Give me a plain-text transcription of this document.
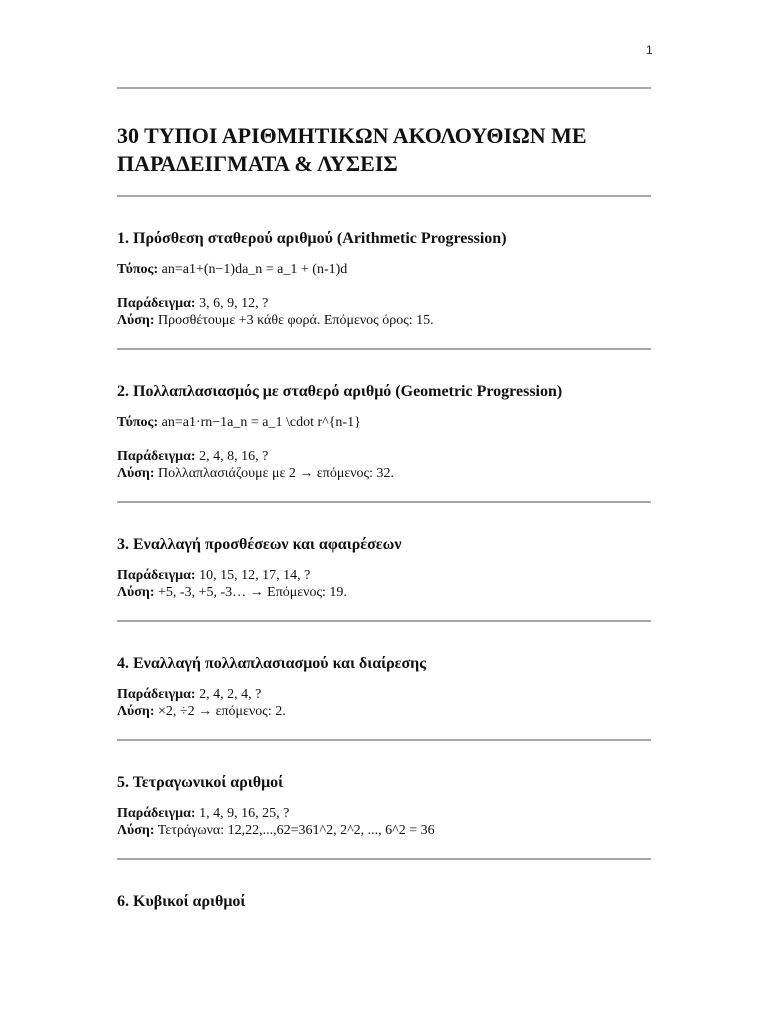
1
30 ΤΥΠΟΙ ΑΡΙΘΜΗΤΙΚΩΝ ΑΚΟΛΟΥΘΙΩΝ ΜΕ ΠΑΡΑΔΕΙΓΜΑΤΑ & ΛΥΣΕΙΣ
1. Πρόσθεση σταθερού αριθμού (Arithmetic Progression)

Τύπος: an=a1+(n−1)da_n = a_1 + (n-1)d

Παράδειγμα: 3, 6, 9, 12, ?

Λύση: Προσθέτουμε +3 κάθε φορά. Επόμενος όρος: 15.

2. Πολλαπλασιασμός με σταθερό αριθμό (Geometric Progression)

Τύπος: an=a1·rn−1a_n = a_1 \cdot r^{n-1}

Παράδειγμα: 2, 4, 8, 16, ?

Λύση: Πολλαπλασιάζουμε με 2 → επόμενος: 32.

3. Εναλλαγή προσθέσεων και αφαιρέσεων

Παράδειγμα: 10, 15, 12, 17, 14, ?

Λύση: +5, -3, +5, -3… → Επόμενος: 19.

4. Εναλλαγή πολλαπλασιασμού και διαίρεσης

Παράδειγμα: 2, 4, 2, 4, ?

Λύση: ×2, ÷2 → επόμενος: 2.

5. Τετραγωνικοί αριθμοί

Παράδειγμα: 1, 4, 9, 16, 25, ?

Λύση: Τετράγωνα: 12,22,...,62=361^2, 2^2, ..., 6^2 = 36

6. Κυβικοί αριθμοί
